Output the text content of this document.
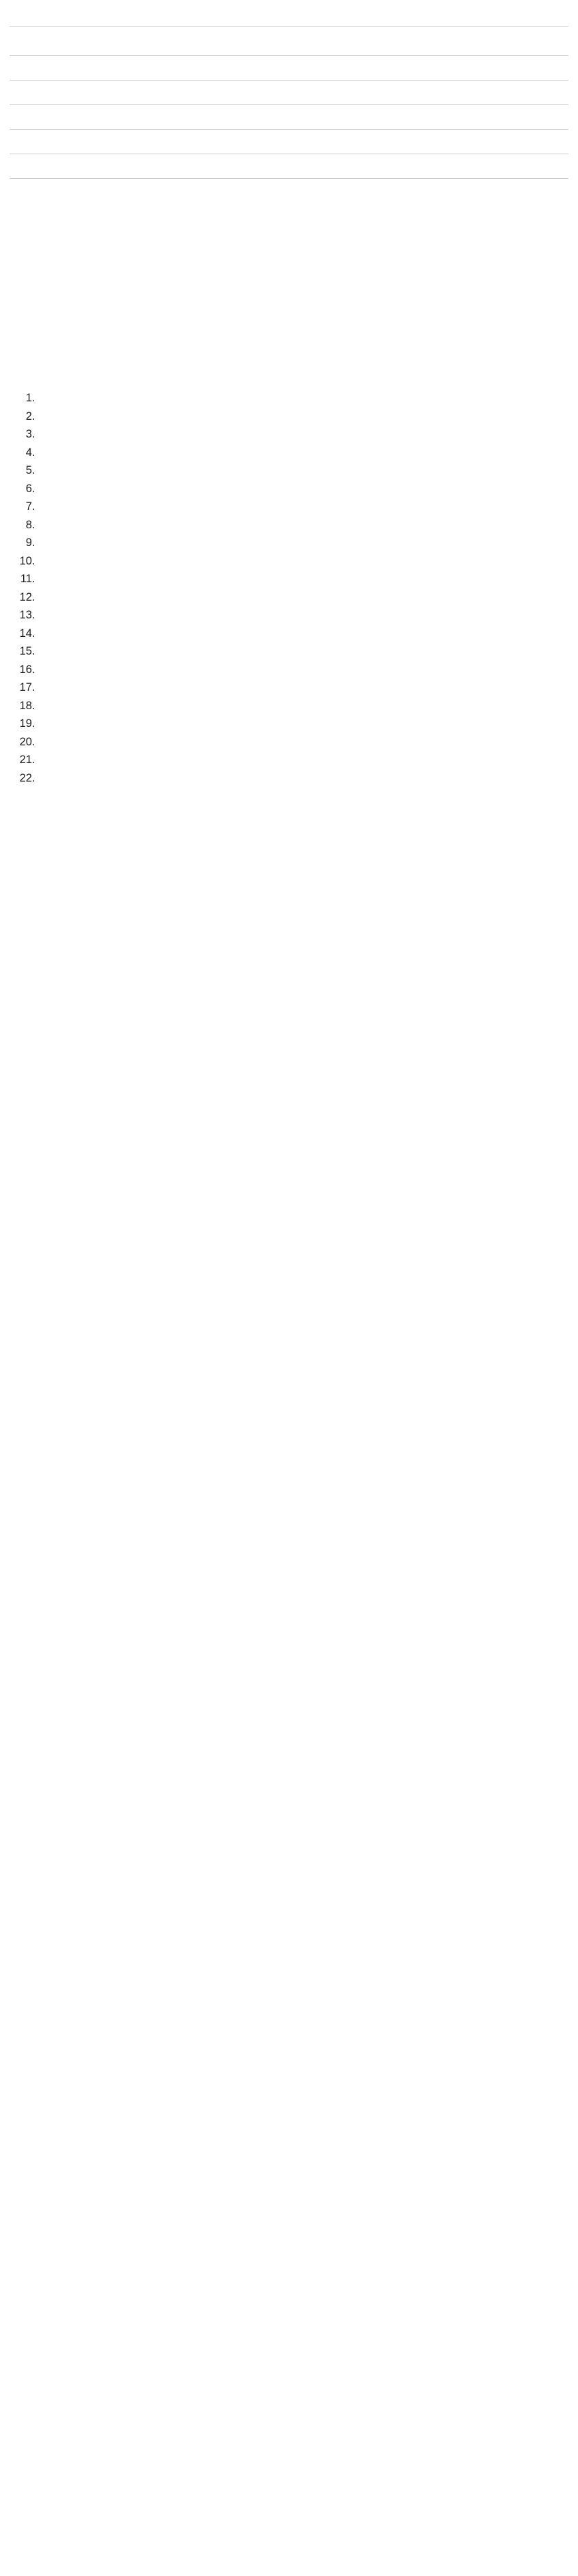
1.
2.
3.
4.
5.
6.
7.
8.
9.
10.
11.
12.
13.
14.
15.
16.
17.
18.
19.
20.
21.
22.
